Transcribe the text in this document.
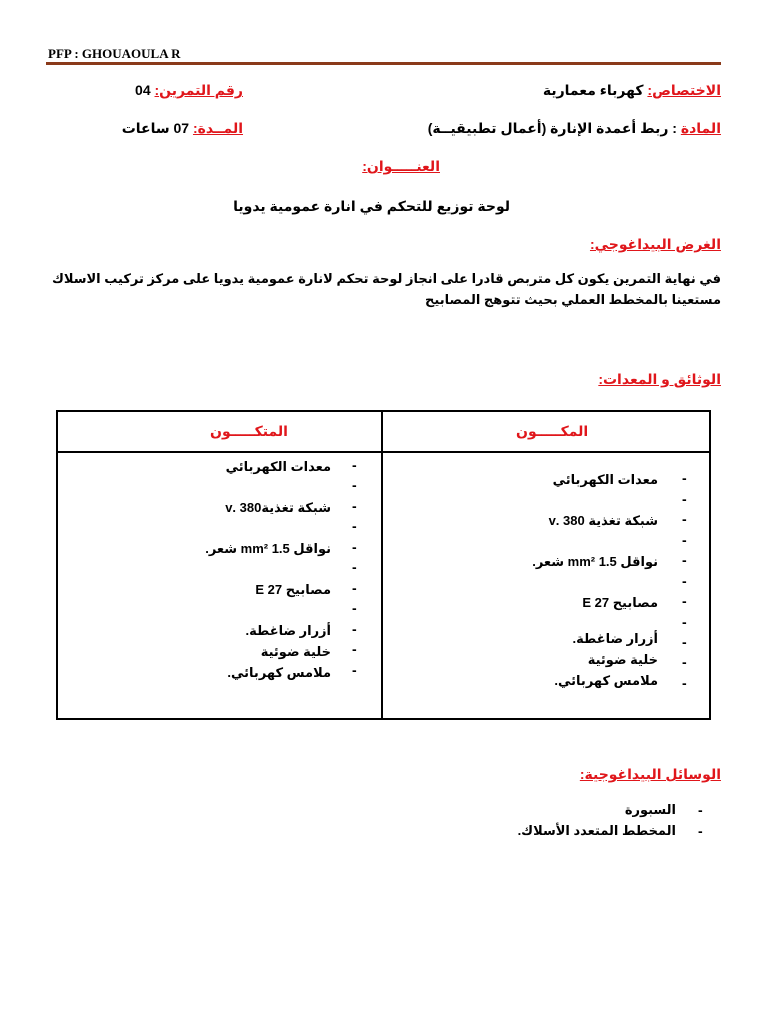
PFP : GHOUAOULA R
الاختصاص: كهرباء معمارية
رقم التمرين: 04
المادة : ربط أعمدة الإنارة (أعمال تطبيقيــة)
المــدة: 07 ساعات
العنـــــوان:
لوحة توزيع للتحكم في انارة عمومية يدويا
الغرض البيداغوجي:
في نهاية التمرين يكون كل متربص قادرا على انجاز لوحة تحكم لانارة عمومية يدويا على مركز تركيب الاسلاك
مستعينا بالمخطط العملي بحيث تتوهج المصابيح
الوثائق و المعدات:
المكـــــون
المتكـــــون
-
-
-
-
-
-
-
-
-
-
-
معدات الكهربائي
شبكة تغذية 380 .v
نواقل mm² 1.5 شعر.
مصابيح E 27
أزرار ضاغطة.
خلية ضوئية
ملامس كهربائي.
-
-
-
-
-
-
-
-
-
-
-
معدات الكهربائي
شبكة تغذية380 .v
نواقل mm² 1.5 شعر.
مصابيح E 27
أزرار ضاغطة.
خلية ضوئية
ملامس كهربائي.
الوسائل البيداغوجية:
-
السبورة
-
المخطط المتعدد الأسلاك.
